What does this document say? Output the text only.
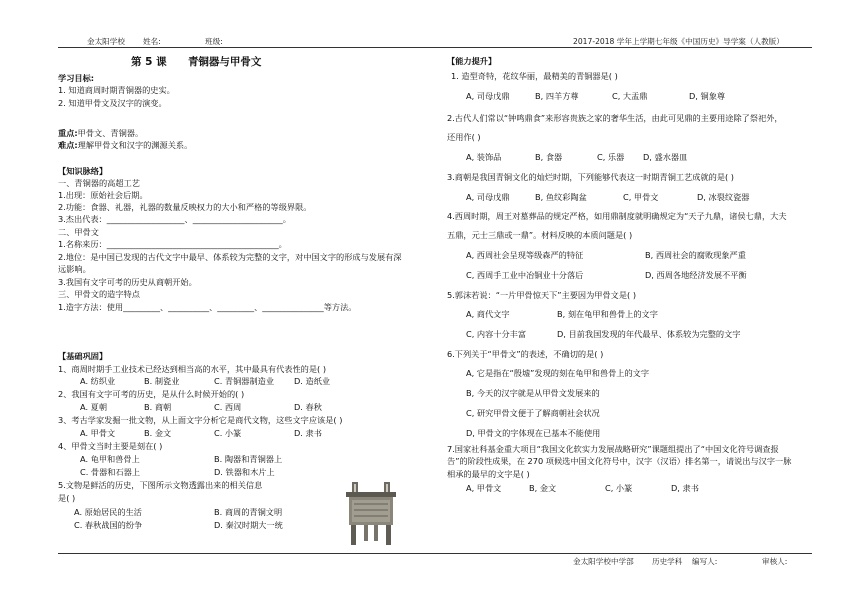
金太阳学校 姓名:	班级:	2017-2018 学年上学期七年级《中国历史》导学案（人教版）
第 5 课 青铜器与甲骨文
学习目标:
1. 知道商周时期青铜器的史实。
2. 知道甲骨文及汉字的演变。
重点:甲骨文、青铜器。
难点:理解甲骨文和汉字的渊源关系。
【知识脉络】
一、青铜器的高超工艺
1.出现：原始社会后期。
2.功能：食器、礼器，礼器的数量反映权力的大小和严格的等级界限。
3.杰出代表：___________________、______________________。
二、甲骨文
1.名称来历：__________________________________________。
2.地位：是中国已发现的古代文字中最早、体系较为完整的文字，对中国文字的形成与发展有深
远影响。
3.我国有文字可考的历史从商朝开始。
三、甲骨文的造字特点
1.造字方法：使用_________、__________、_________、_______________等方法。
【基础巩固】
1、商周时期手工业技术已经达到相当高的水平，其中最具有代表性的是( )
A. 纺织业	B. 制瓷业	C. 青铜器制造业 D. 造纸业
2、我国有文字可考的历史，是从什么时候开始的( )
A. 夏朝	B. 商朝	C. 西周	D. 春秋
3、考古学家发掘一批文物，从上面文字分析它是商代文物，这些文字应该是( )
A. 甲骨文	B. 金文	C. 小篆	D. 隶书
4、甲骨文当时主要是刻在( )
A. 龟甲和兽骨上	B. 陶器和青铜器上
C. 骨器和石器上	D. 铁器和木片上
5.文物是鲜活的历史，下图所示文物透露出来的相关信息
是( )
A. 原始居民的生活	B. 商周的青铜文明
C. 春秋战国的纷争	D. 秦汉时期大一统
【能力提升】
1. 造型奇特，花纹华丽，最精美的青铜器是( )
A, 司母戊鼎	B, 四羊方尊	C, 大盂鼎	D, 铜象尊
2.古代人们常以“钟鸣鼎食”来形容贵族之家的奢华生活，由此可见鼎的主要用途除了祭祀外，
还用作( )
A, 装饰品	B, 食器	C, 乐器 D, 盛水器皿
3.商朝是我国青铜文化的灿烂时期，下列能够代表这一时期青铜工艺成就的是( )
A, 司母戊鼎	B, 鱼纹彩陶盆	C, 甲骨文	D, 冰裂纹瓷器
4.西周时期，周王对墓葬品的规定严格，如用鼎制度就明确规定为“天子九鼎，诸侯七鼎，大夫
五鼎，元士三鼎或一鼎”。材料反映的本质问题是( )
A, 西周社会呈现等级森严的特征	B, 西周社会的腐败现象严重
C, 西周手工业中冶铜业十分落后	D, 西周各地经济发展不平衡
5.郭沫若说：“一片甲骨惊天下”主要因为甲骨文是( )
A, 商代文字	B, 刻在龟甲和兽骨上的文字
C, 内容十分丰富	D, 目前我国发现的年代最早、体系较为完整的文字
6.下列关于“甲骨文”的表述，不确切的是( )
A, 它是指在“殷墟”发现的刻在龟甲和兽骨上的文字
B, 今天的汉字就是从甲骨文发展来的
C, 研究甲骨文便于了解商朝社会状况
D, 甲骨文的字体现在已基本不能使用
7.国家社科基金重大项目“我国文化软实力发展战略研究”课题组提出了“中国文化符号调查报
告”的阶段性成果，在 270 项候选中国文化符号中，汉字（汉语）排名第一，请说出与汉字一脉
相承的最早的文字是( )
A, 甲骨文	B, 金文	C, 小篆	D, 隶书
金太阳学校中学部 历史学科 编写人:	审核人:
